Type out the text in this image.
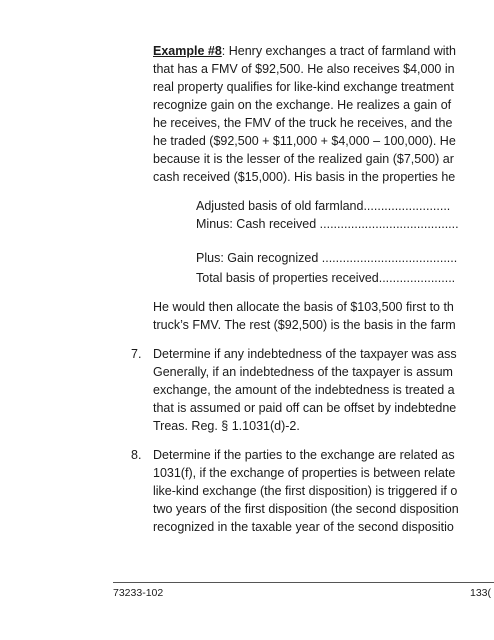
Example #8: Henry exchanges a tract of farmland with
that has a FMV of $92,500. He also receives $4,000 in
real property qualifies for like-kind exchange treatment
recognize gain on the exchange. He realizes a gain of
he receives, the FMV of the truck he receives, and the
he traded ($92,500 + $11,000 + $4,000 – 100,000). He
because it is the lesser of the realized gain ($7,500) ar
cash received ($15,000). His basis in the properties he
Adjusted basis of old farmland.........................
Minus: Cash received ........................................
Plus: Gain recognized .......................................
Total basis of properties received......................
He would then allocate the basis of $103,500 first to th
truck’s FMV. The rest ($92,500) is the basis in the farm
7. Determine if any indebtedness of the taxpayer was ass
Generally, if an indebtedness of the taxpayer is assum
exchange, the amount of the indebtedness is treated a
that is assumed or paid off can be offset by indebtedne
Treas. Reg. § 1.1031(d)-2.
8. Determine if the parties to the exchange are related as
1031(f), if the exchange of properties is between relate
like-kind exchange (the first disposition) is triggered if o
two years of the first disposition (the second disposition
recognized in the taxable year of the second dispositio
73233-102	133(
